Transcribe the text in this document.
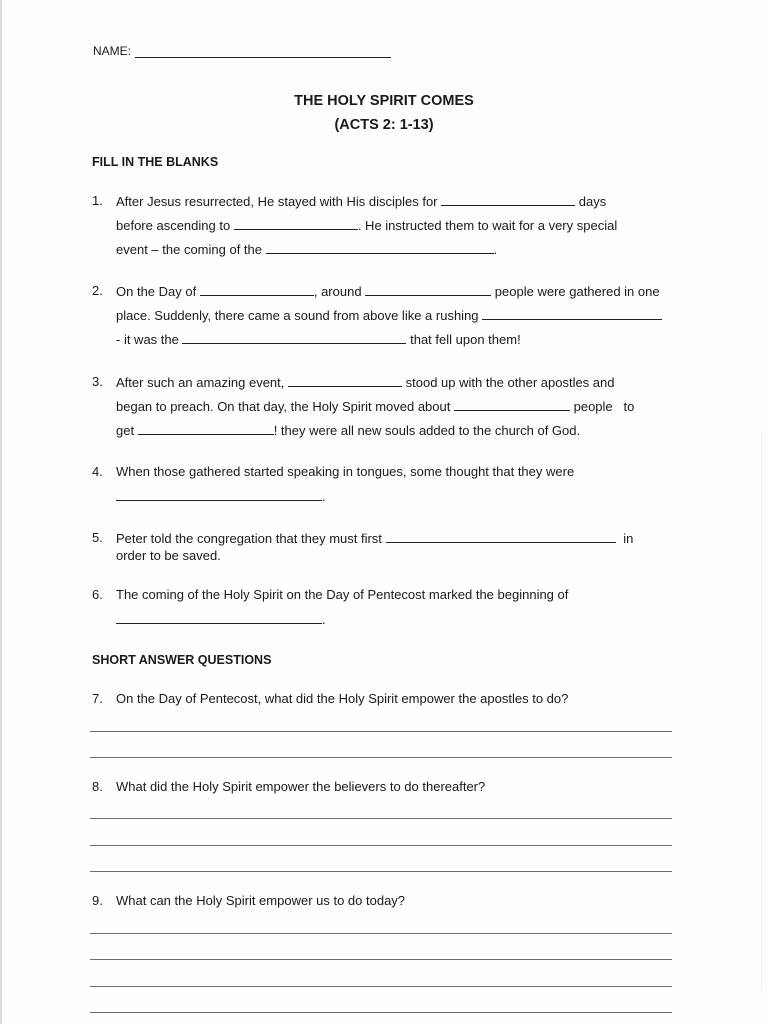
NAME:
THE HOLY SPIRIT COMES
(ACTS 2: 1-13)
FILL IN THE BLANKS
1. After Jesus resurrected, He stayed with His disciples for	days
before ascending to	. He instructed them to wait for a very special
event – the coming of the	.
2. On the Day of	, around	people were gathered in one
place. Suddenly, there came a sound from above like a rushing
- it was the	that fell upon them!
3. After such an amazing event,	stood up with the other apostles and
began to preach. On that day, the Holy Spirit moved about	people   to
get	! they were all new souls added to the church of God.
4. When those gathered started speaking in tongues, some thought that they were
.
5. Peter told the congregation that they must first	in
order to be saved.
6. The coming of the Holy Spirit on the Day of Pentecost marked the beginning of
.
SHORT ANSWER QUESTIONS
7. On the Day of Pentecost, what did the Holy Spirit empower the apostles to do?
8. What did the Holy Spirit empower the believers to do thereafter?
9. What can the Holy Spirit empower us to do today?
